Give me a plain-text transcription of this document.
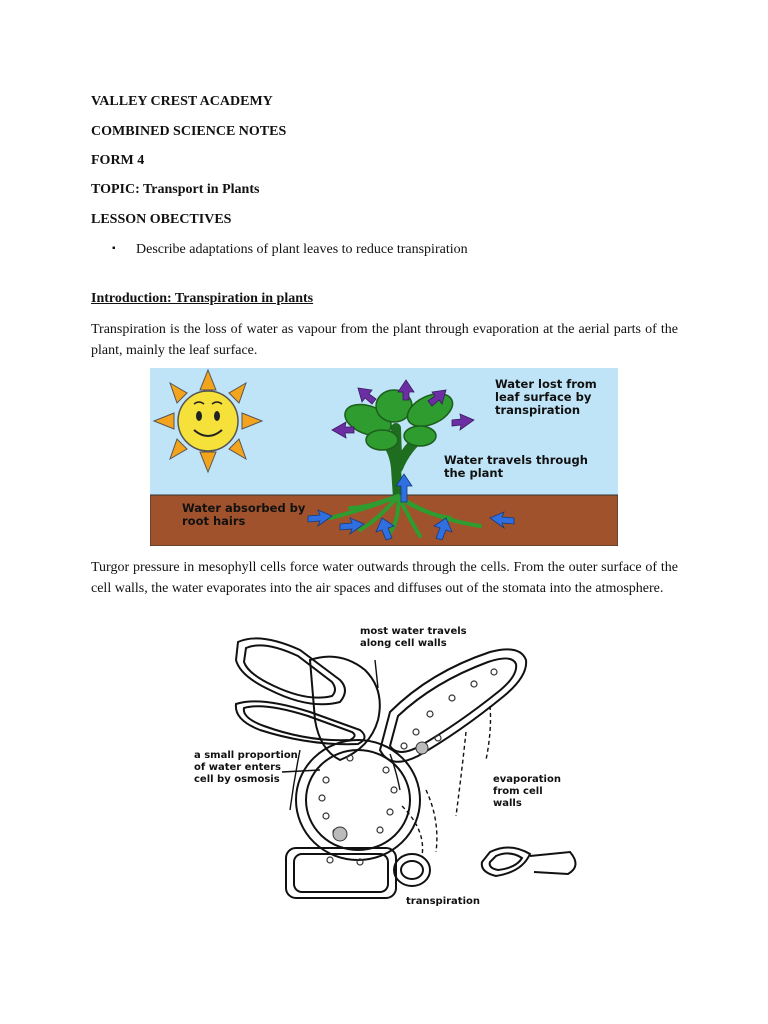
VALLEY CREST ACADEMY
COMBINED SCIENCE NOTES
FORM 4
TOPIC: Transport in Plants
LESSON OBECTIVES
▪ Describe adaptations of plant leaves to reduce transpiration
Introduction: Transpiration in plants
Transpiration is the loss of water as vapour from the plant through evaporation at the aerial parts of the plant, mainly the leaf surface.
Water lost from
leaf surface by
transpiration
Water travels through
the plant
Water absorbed by
root hairs
Turgor pressure in mesophyll cells force water outwards through the cells. From the outer surface of the cell walls, the water evaporates into the air spaces and diffuses out of the stomata into the atmosphere.
most water travels
along cell walls
a small proportion
of water enters
cell by osmosis	evaporation
from cell
walls
transpiration
